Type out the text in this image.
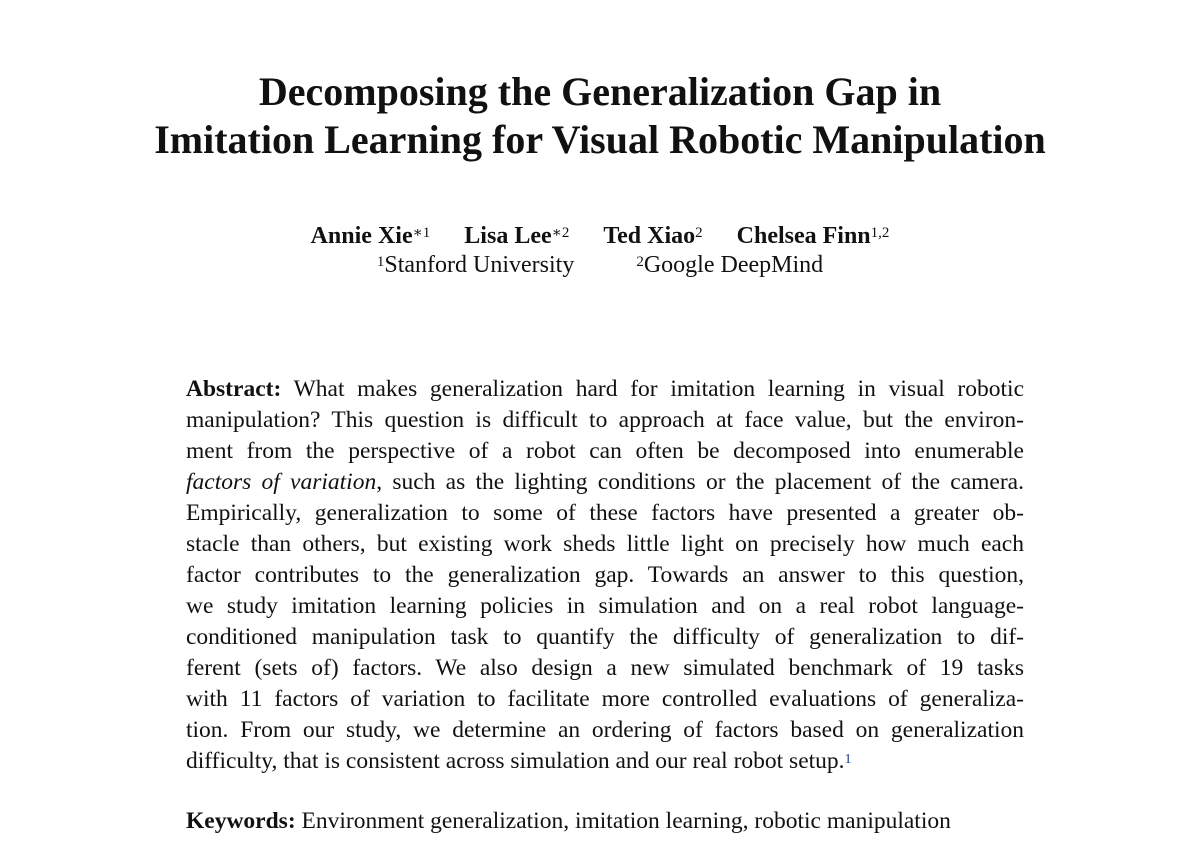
Decomposing the Generalization Gap in
Imitation Learning for Visual Robotic Manipulation
Annie Xie$^{∗1}$ Lisa Lee$^{∗2}$ Ted Xiao$^2$ Chelsea Finn$^{1,2}$
$^1$Stanford University	$^2$Google DeepMind
Abstract: What makes generalization hard for imitation learning in visual robotic
manipulation? This question is difficult to approach at face value, but the environ-
ment from the perspective of a robot can often be decomposed into enumerable
factors of variation, such as the lighting conditions or the placement of the camera.
Empirically, generalization to some of these factors have presented a greater ob-
stacle than others, but existing work sheds little light on precisely how much each
factor contributes to the generalization gap. Towards an answer to this question,
we study imitation learning policies in simulation and on a real robot language-
conditioned manipulation task to quantify the difficulty of generalization to dif-
ferent (sets of) factors. We also design a new simulated benchmark of 19 tasks
with 11 factors of variation to facilitate more controlled evaluations of generaliza-
tion. From our study, we determine an ordering of factors based on generalization
difficulty, that is consistent across simulation and our real robot setup.$^1$
Keywords: Environment generalization, imitation learning, robotic manipulation
